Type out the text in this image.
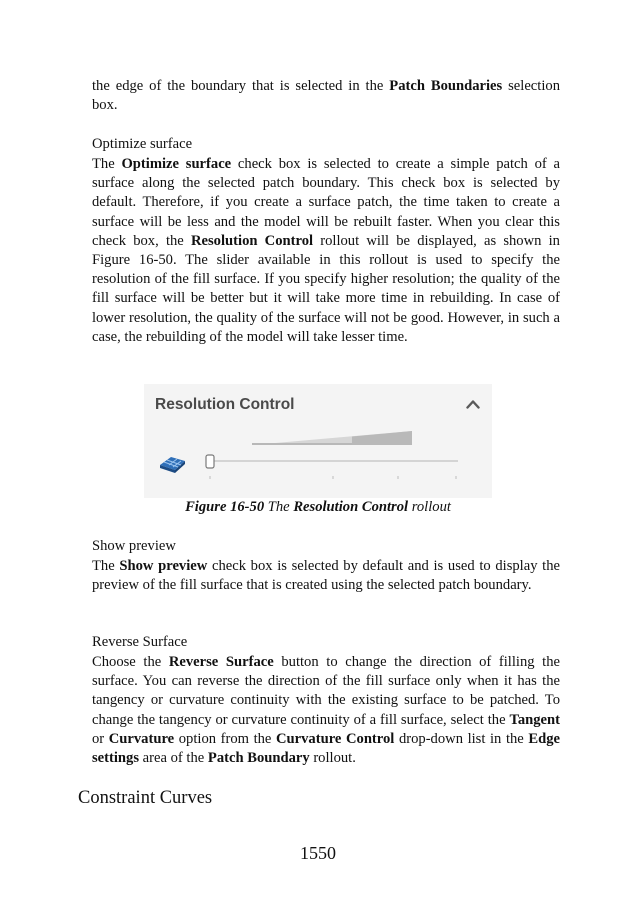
the edge of the boundary that is selected in the Patch Boundaries selection box.

Optimize surface

The Optimize surface check box is selected to create a simple patch of a surface along the selected patch boundary. This check box is selected by default. Therefore, if you create a surface patch, the time taken to create a surface will be less and the model will be rebuilt faster. When you clear this check box, the Resolution Control rollout will be displayed, as shown in Figure 16-50. The slider available in this rollout is used to specify the resolution of the fill surface. If you specify higher resolution; the quality of the fill surface will be better but it will take more time in rebuilding. In case of lower resolution, the quality of the surface will not be good. However, in such a case, the rebuilding of the model will take lesser time.

Resolution Control

Figure 16-50 The Resolution Control rollout

Show preview

The Show preview check box is selected by default and is used to display the preview of the fill surface that is created using the selected patch boundary.

Reverse Surface

Choose the Reverse Surface button to change the direction of filling the surface. You can reverse the direction of the fill surface only when it has the tangency or curvature continuity with the existing surface to be patched. To change the tangency or curvature continuity of a fill surface, select the Tangent or Curvature option from the Curvature Control drop-down list in the Edge settings area of the Patch Boundary rollout.

Constraint Curves

1550
